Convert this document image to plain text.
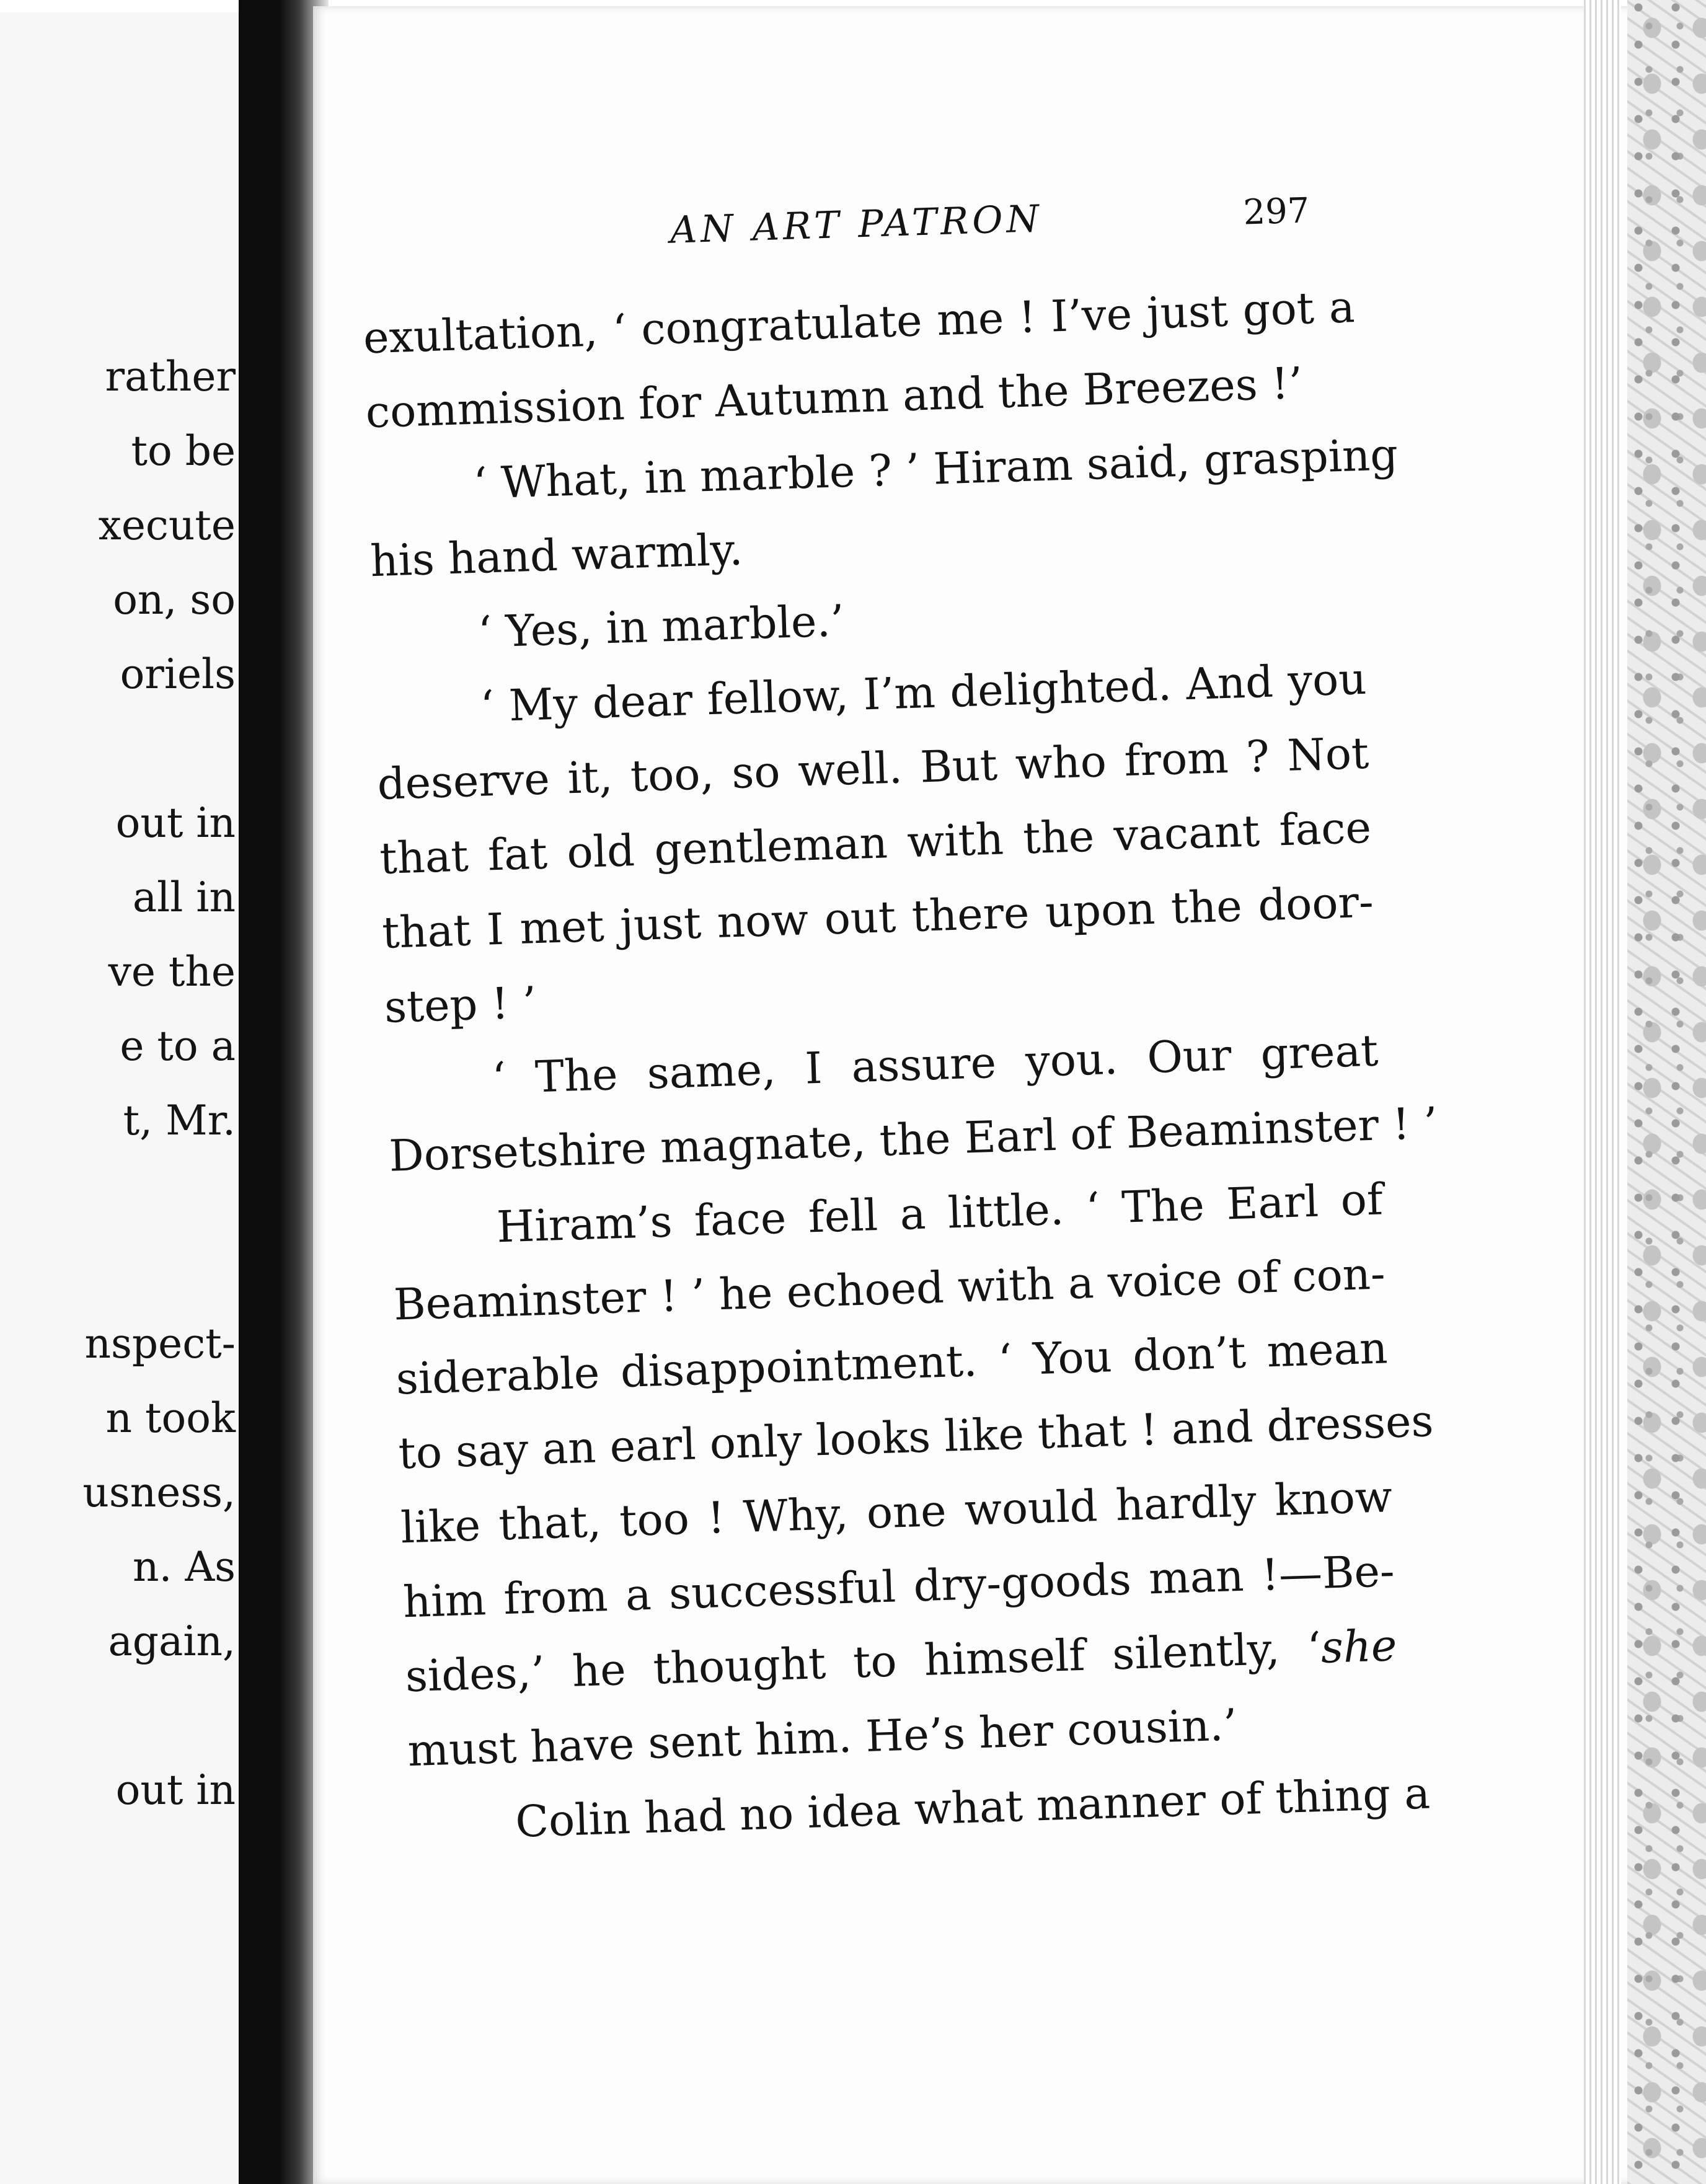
rather

to be

xecute

on, so

oriels

out in

all in

ve the

e to a

t, Mr.

nspect-

n took

usness,

n. As

again,

out in

AN ART PATRON	297

exultation, ‘ congratulate me ! I’ve just got a

commission for Autumn and the Breezes !’

‘ What, in marble ? ’ Hiram said, grasping

his hand warmly.

‘ Yes, in marble.’

‘ My dear fellow, I’m delighted. And you

deserve it, too, so well. But who from ? Not

that fat old gentleman with the vacant face

that I met just now out there upon the door-

step ! ’

‘ The same, I assure you. Our great

Dorsetshire magnate, the Earl of Beaminster ! ’

Hiram’s face fell a little. ‘ The Earl of

Beaminster ! ’ he echoed with a voice of con-

siderable disappointment. ‘ You don’t mean

to say an earl only looks like that ! and dresses

like that, too ! Why, one would hardly know

him from a successful dry-goods man !—Be-

sides,’ he thought to himself silently, ‘she

must have sent him. He’s her cousin.’

Colin had no idea what manner of thing a
